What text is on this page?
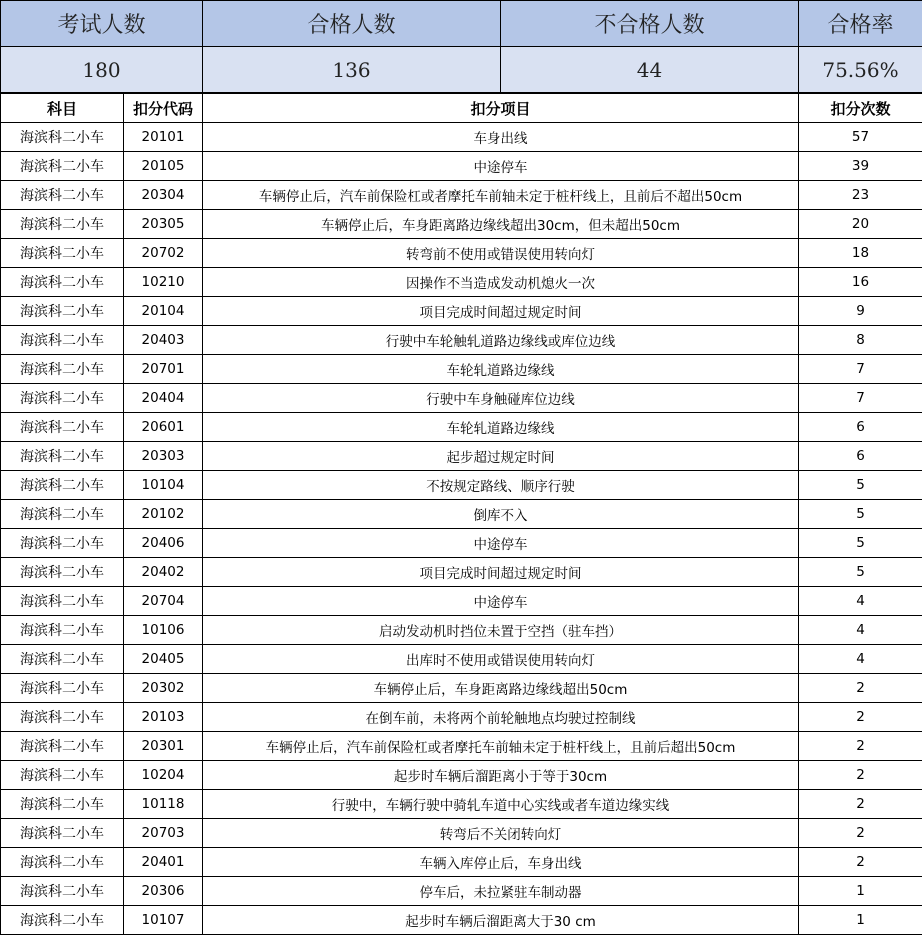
考试人数	合格人数	不合格人数	合格率
180	136	44	75.56%
科目	扣分代码	扣分项目	扣分次数
海滨科二小车	20101	车身出线	57
海滨科二小车	20105	中途停车	39
海滨科二小车	20304	车辆停止后，汽车前保险杠或者摩托车前轴未定于桩杆线上，且前后不超出50cm	23
海滨科二小车	20305	车辆停止后，车身距离路边缘线超出30cm，但未超出50cm	20
海滨科二小车	20702	转弯前不使用或错误使用转向灯	18
海滨科二小车	10210	因操作不当造成发动机熄火一次	16
海滨科二小车	20104	项目完成时间超过规定时间	9
海滨科二小车	20403	行驶中车轮触轧道路边缘线或库位边线	8
海滨科二小车	20701	车轮轧道路边缘线	7
海滨科二小车	20404	行驶中车身触碰库位边线	7
海滨科二小车	20601	车轮轧道路边缘线	6
海滨科二小车	20303	起步超过规定时间	6
海滨科二小车	10104	不按规定路线、顺序行驶	5
海滨科二小车	20102	倒库不入	5
海滨科二小车	20406	中途停车	5
海滨科二小车	20402	项目完成时间超过规定时间	5
海滨科二小车	20704	中途停车	4
海滨科二小车	10106	启动发动机时挡位未置于空挡（驻车挡）	4
海滨科二小车	20405	出库时不使用或错误使用转向灯	4
海滨科二小车	20302	车辆停止后，车身距离路边缘线超出50cm	2
海滨科二小车	20103	在倒车前，未将两个前轮触地点均驶过控制线	2
海滨科二小车	20301	车辆停止后，汽车前保险杠或者摩托车前轴未定于桩杆线上，且前后超出50cm	2
海滨科二小车	10204	起步时车辆后溜距离小于等于30cm	2
海滨科二小车	10118	行驶中，车辆行驶中骑轧车道中心实线或者车道边缘实线	2
海滨科二小车	20703	转弯后不关闭转向灯	2
海滨科二小车	20401	车辆入库停止后，车身出线	2
海滨科二小车	20306	停车后，未拉紧驻车制动器	1
海滨科二小车	10107	起步时车辆后溜距离大于30 cm	1
